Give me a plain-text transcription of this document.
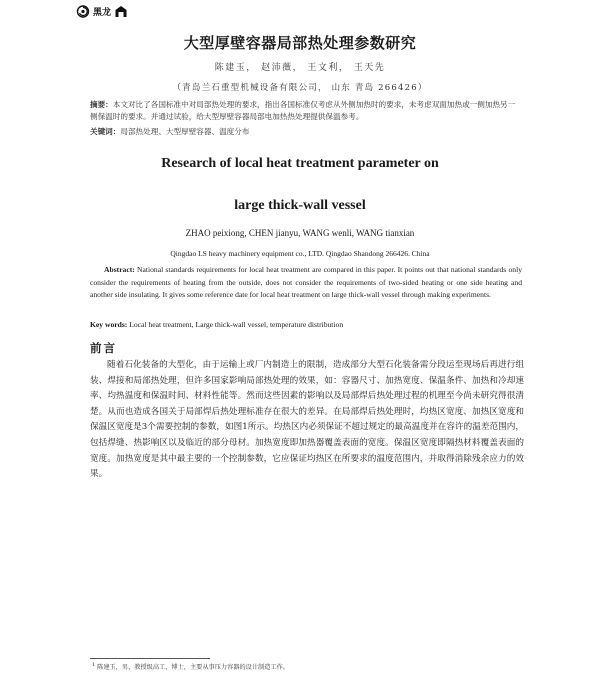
黑龙
大型厚壁容器局部热处理参数研究
陈建玉， 赵沛薇， 王文利， 王天先
（青岛兰石重型机械设备有限公司， 山东 青岛 266426）
摘要：本文对比了各国标准中对局部热处理的要求，指出各国标准仅考虑从外侧加热时的要求，未考虑双面加热或一侧加热另一侧保温时的要求。并通过试验，给大型厚壁容器局部电加热热处理提供保温参考。
关键词：局部热处理、大型厚壁容器、温度分布
Research of local heat treatment parameter on
large thick-wall vessel
ZHAO peixiong, CHEN jianyu, WANG wenli, WANG tianxian
Qingdao LS heavy machinery equipment co., LTD. Qingdao Shandong 266426. China
Abstract: National standards requirements for local heat treatment are compared in this paper. It points out that national standards only consider the requirements of heating from the outside, does not consider the requirements of two-sided heating or one side heating and another side insulating. It gives some reference date for local heat treatment on large thick-wall vessel through making experiments.
Key words: Local heat treatment, Large thick-wall vessel, temperature distribution
前言
随着石化装备的大型化，由于运输上或厂内制造上的限制，造成部分大型石化装备需分段运至现场后再进行组装、焊接和局部热处理，但许多国家影响局部热处理的效果，如：容器尺寸、加热宽度、保温条件、加热和冷却速率、均热温度和保温时间、材料性能等。然而这些因素的影响以及局部焊后热处理过程的机理至今尚未研究得很清楚。从而也造成各国关于局部焊后热处理标准存在很大的差异。在局部焊后热处理时，均热区宽度、加热区宽度和保温区宽度是3个需要控制的参数，如图1所示。均热区内必须保证不超过规定的最高温度并在容许的温差范围内，包括焊缝、热影响区以及临近的部分母材。加热宽度即加热器覆盖表面的宽度。保温区宽度即隔热材料覆盖表面的宽度。加热宽度是其中最主要的一个控制参数，它应保证均热区在所要求的温度范围内，并取得消除残余应力的效果。
$^1$ 陈建玉，男，教授级高工，博士，主要从事压力容器的设计制造工作。
